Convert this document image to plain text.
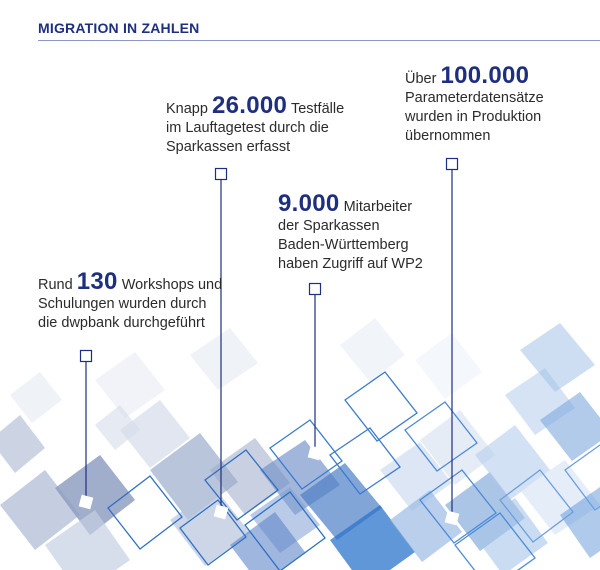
MIGRATION IN ZAHLEN
Rund 130 Workshops und
Schulungen wurden durch
die dwpbank durchgeführt
Knapp 26.000 Testfälle
im Lauftagetest durch die
Sparkassen erfasst
9.000 Mitarbeiter
der Sparkassen
Baden-Württemberg
haben Zugriff auf WP2
Über 100.000
Parameterdatensätze
wurden in Produktion
übernommen
